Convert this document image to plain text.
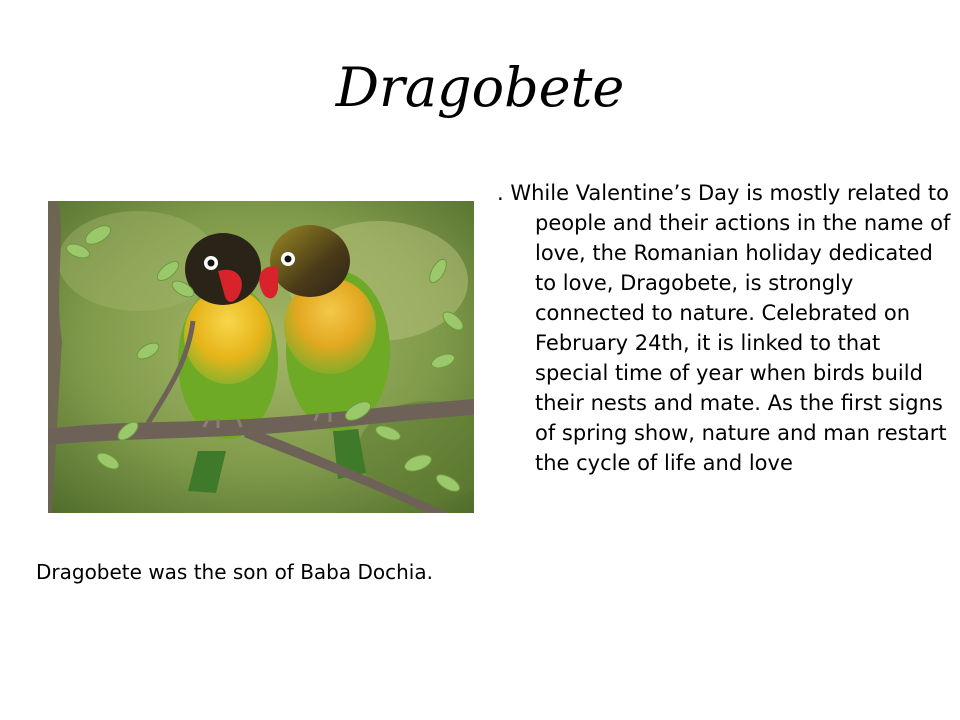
Dragobete
Dragobete was the son of Baba Dochia.

. While Valentine’s Day is mostly related to people and their actions in the name of love, the Romanian holiday dedicated to love, Dragobete, is strongly connected to nature. Celebrated on February 24th, it is linked to that special time of year when birds build their nests and mate. As the first signs of spring show, nature and man restart the cycle of life and love
